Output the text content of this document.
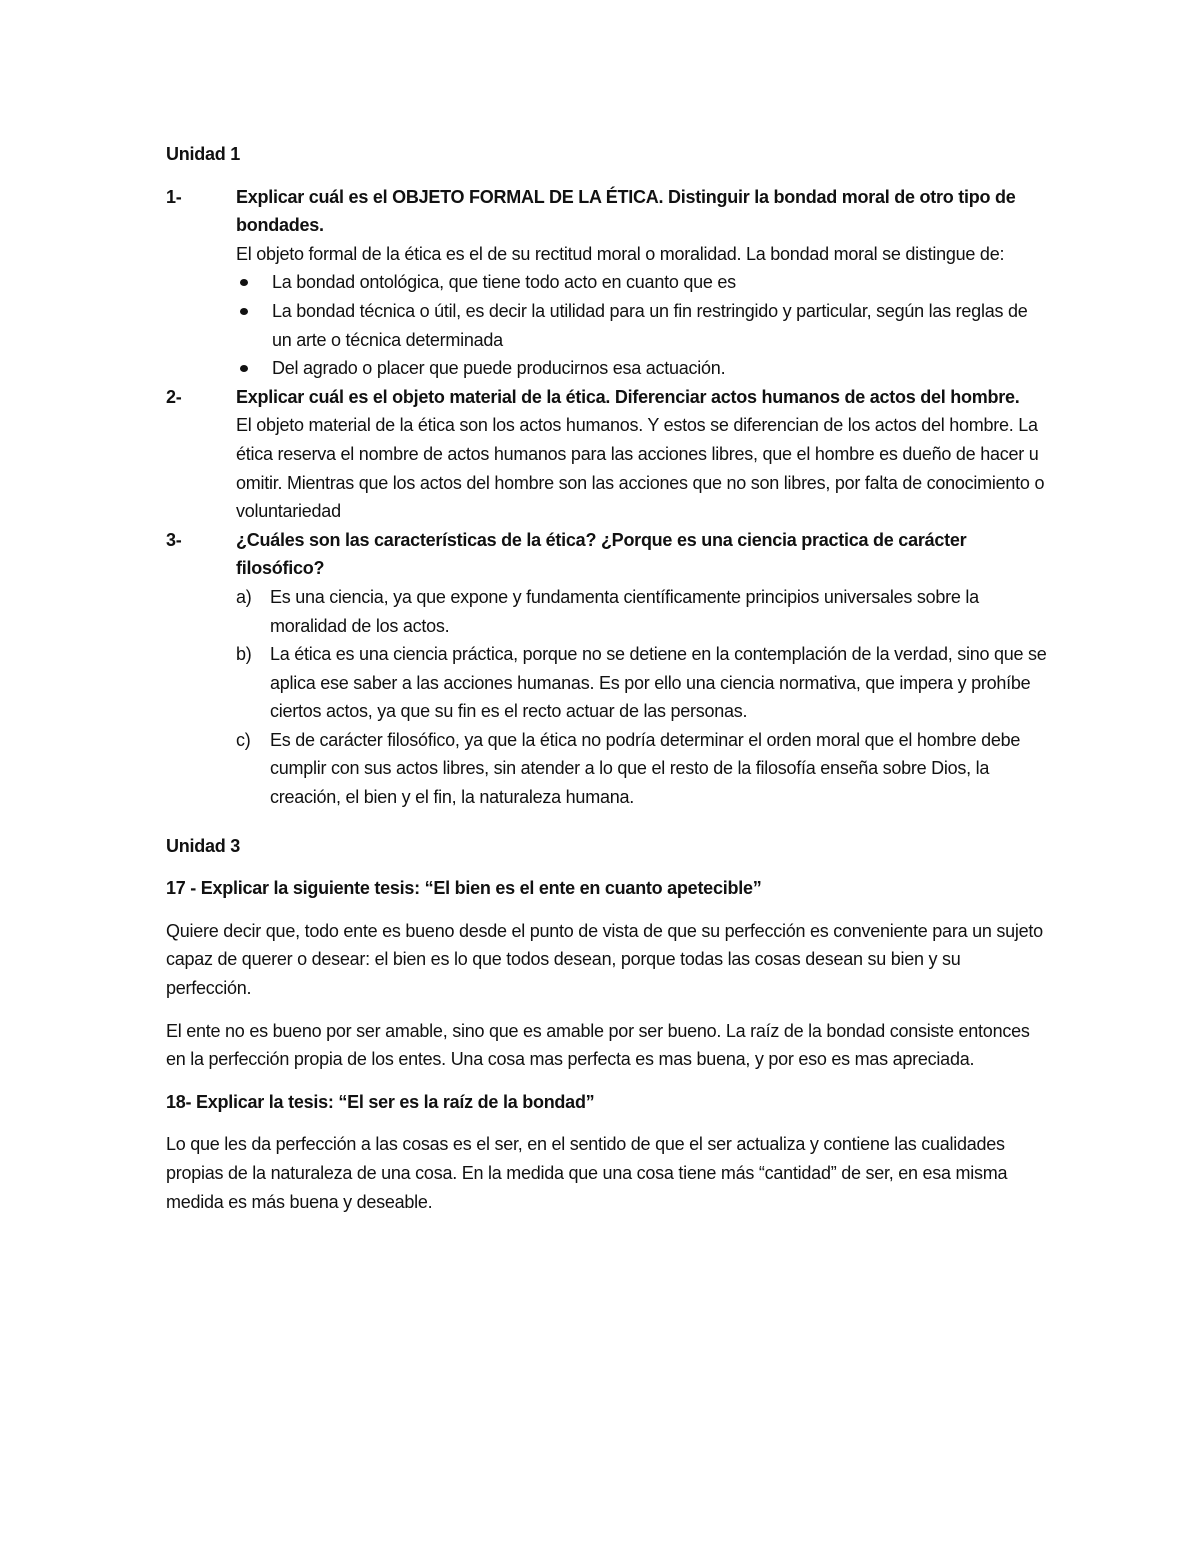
Unidad 1
1-	Explicar cuál es el OBJETO FORMAL DE LA ÉTICA. Distinguir la bondad moral de otro tipo de bondades.
El objeto formal de la ética es el de su rectitud moral o moralidad. La bondad moral se distingue de:
La bondad ontológica, que tiene todo acto en cuanto que es
La bondad técnica o útil, es decir la utilidad para un fin restringido y particular, según las reglas de un arte o técnica determinada
Del agrado o placer que puede producirnos esa actuación.
2-	Explicar cuál es el objeto material de la ética. Diferenciar actos humanos de actos del hombre.
El objeto material de la ética son los actos humanos. Y estos se diferencian de los actos del hombre. La ética reserva el nombre de actos humanos para las acciones libres, que el hombre es dueño de hacer u omitir. Mientras que los actos del hombre son las acciones que no son libres, por falta de conocimiento o voluntariedad
3-	¿Cuáles son las características de la ética? ¿Porque es una ciencia practica de carácter filosófico?
a) Es una ciencia, ya que expone y fundamenta científicamente principios universales sobre la moralidad de los actos.
b) La ética es una ciencia práctica, porque no se detiene en la contemplación de la verdad, sino que se aplica ese saber a las acciones humanas. Es por ello una ciencia normativa, que impera y prohíbe ciertos actos, ya que su fin es el recto actuar de las personas.
c) Es de carácter filosófico, ya que la ética no podría determinar el orden moral que el hombre debe cumplir con sus actos libres, sin atender a lo que el resto de la filosofía enseña sobre Dios, la creación, el bien y el fin, la naturaleza humana.
Unidad 3
17 - Explicar la siguiente tesis: “El bien es el ente en cuanto apetecible”

Quiere decir que, todo ente es bueno desde el punto de vista de que su perfección es conveniente para un sujeto capaz de querer o desear: el bien es lo que todos desean, porque todas las cosas desean su bien y su perfección.

El ente no es bueno por ser amable, sino que es amable por ser bueno. La raíz de la bondad consiste entonces en la perfección propia de los entes. Una cosa mas perfecta es mas buena, y por eso es mas apreciada.

18- Explicar la tesis: “El ser es la raíz de la bondad”

Lo que les da perfección a las cosas es el ser, en el sentido de que el ser actualiza y contiene las cualidades propias de la naturaleza de una cosa. En la medida que una cosa tiene más “cantidad” de ser, en esa misma medida es más buena y deseable.
